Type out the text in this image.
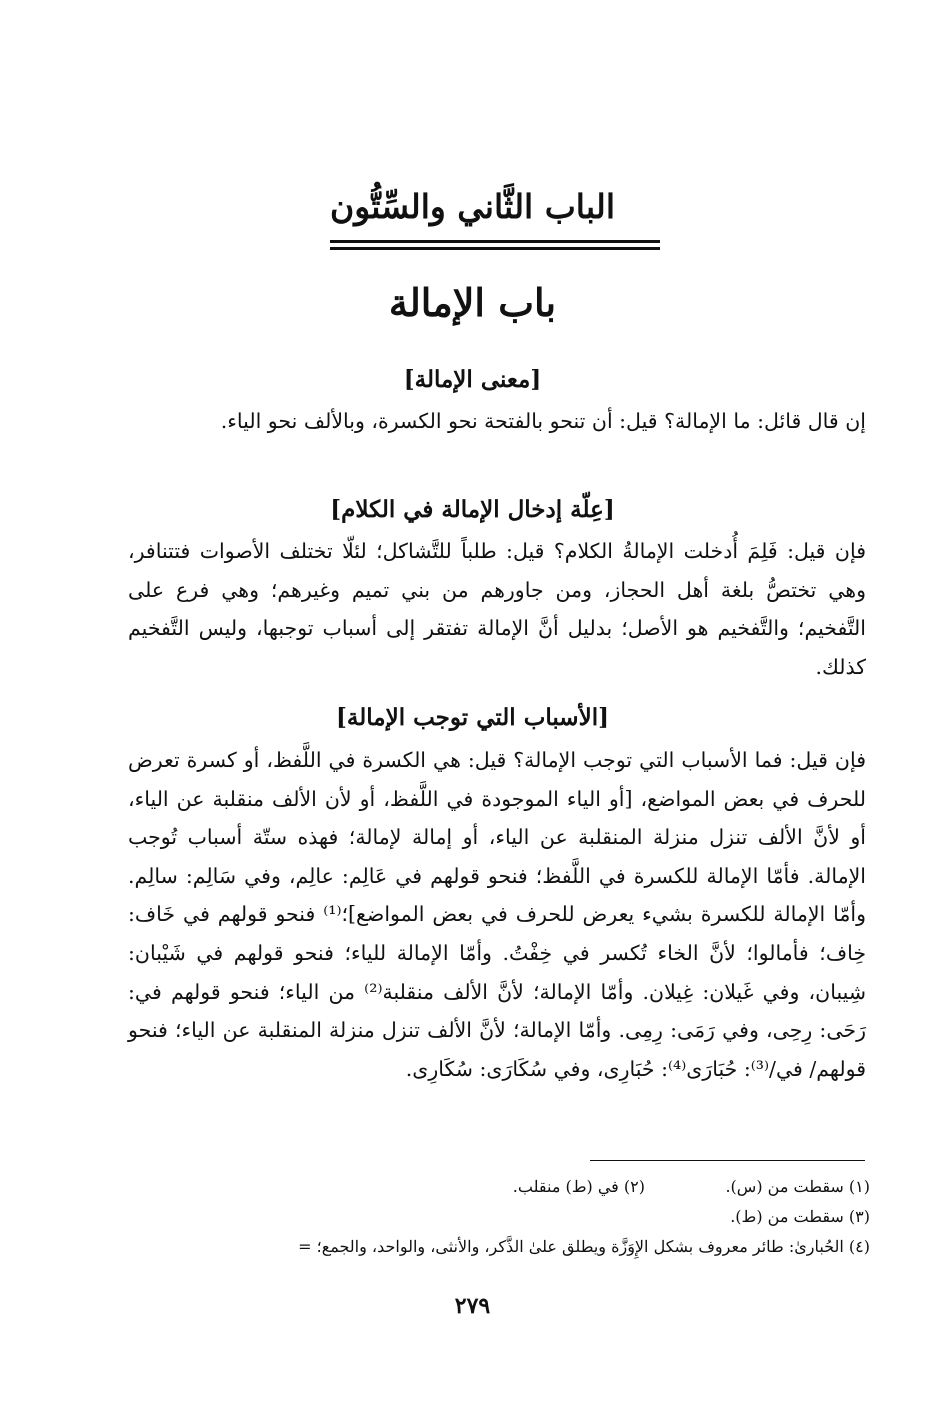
الباب الثَّاني والسِّتُّون
باب الإمالة
[معنى الإمالة]

إن قال قائل: ما الإمالة؟ قيل: أن تنحو بالفتحة نحو الكسرة، وبالألف نحو الياء.

[عِلّة إدخال الإمالة في الكلام]

فإن قيل: فَلِمَ أُدخلت الإمالةُ الكلام؟ قيل: طلباً للتَّشاكل؛ لئلّا تختلف الأصوات فتتنافر، وهي تختصُّ بلغة أهل الحجاز، ومن جاورهم من بني تميم وغيرهم؛ وهي فرع على التَّفخيم؛ والتَّفخيم هو الأصل؛ بدليل أنَّ الإمالة تفتقر إلى أسباب توجبها، وليس التَّفخيم كذلك.

[الأسباب التي توجب الإمالة]

فإن قيل: فما الأسباب التي توجب الإمالة؟ قيل: هي الكسرة في اللَّفظ، أو كسرة تعرض للحرف في بعض المواضع، [أو الياء الموجودة في اللَّفظ، أو لأن الألف منقلبة عن الياء، أو لأنَّ الألف تنزل منزلة المنقلبة عن الياء، أو إمالة لإمالة؛ فهذه ستّة أسباب تُوجب الإمالة. فأمّا الإمالة للكسرة في اللَّفظ؛ فنحو قولهم في عَالِم: عالِم، وفي سَالِم: سالِم. وأمّا الإمالة للكسرة بشيء يعرض للحرف في بعض المواضع]؛⁽¹⁾ فنحو قولهم في خَاف: خِاف؛ فأمالوا؛ لأنَّ الخاء تُكسر في خِفْتُ. وأمّا الإمالة للياء؛ فنحو قولهم في شَيْبان: شِيبان، وفي غَيلان: غِيلان. وأمّا الإمالة؛ لأنَّ الألف منقلبة⁽²⁾ من الياء؛ فنحو قولهم في: رَحَى: رِحِى، وفي رَمَى: رِمِى. وأمّا الإمالة؛ لأنَّ الألف تنزل منزلة المنقلبة عن الياء؛ فنحو قولهم/ في/⁽³⁾: حُبَارَى⁽⁴⁾: حُبَارِى، وفي سُكَارَى: سُكَارِى.

(١) سقطت من (س).
(٢) في (ط) منقلب.
(٣) سقطت من (ط).
(٤) الحُبارىٰ: طائر معروف بشكل الإِوَزَّة ويطلق علىٰ الذَّكر، والأنثى، والواحد، والجمع؛ =
٢٧٩
